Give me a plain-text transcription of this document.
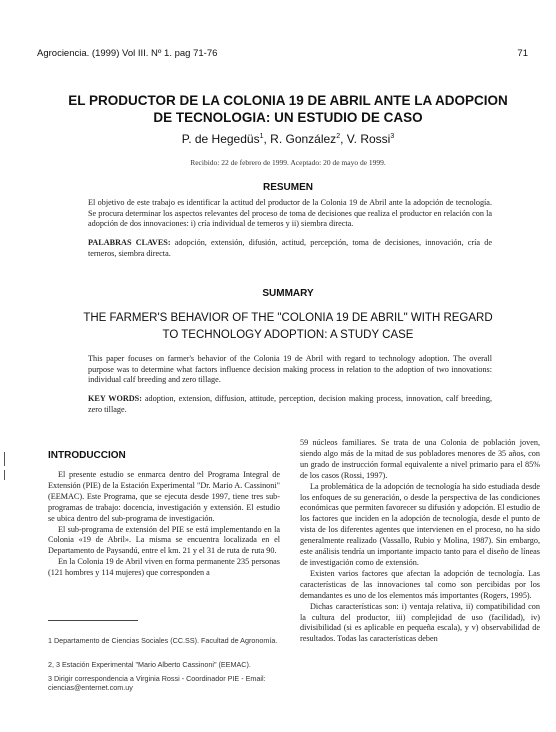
Agrociencia. (1999) Vol III. Nº 1. pag 71-76	71
EL PRODUCTOR DE LA COLONIA 19 DE ABRIL ANTE LA ADOPCION
DE TECNOLOGIA: UN ESTUDIO DE CASO
P. de Hegedüs$^1$, R. González$^2$, V. Rossi$^3$
Recibido: 22 de febrero de 1999. Aceptado: 20 de mayo de 1999.
RESUMEN
El objetivo de este trabajo es identificar la actitud del productor de la Colonia 19 de Abril ante la adopción de tecnología. Se procura determinar los aspectos relevantes del proceso de toma de decisiones que realiza el productor en relación con la adopción de dos innovaciones: i) cría individual de terneros y ii) siembra directa.
PALABRAS CLAVES: adopción, extensión, difusión, actitud, percepción, toma de decisiones, innovación, cría de terneros, siembra directa.
SUMMARY
THE FARMER'S BEHAVIOR OF THE "COLONIA 19 DE ABRIL" WITH REGARD
TO TECHNOLOGY ADOPTION: A STUDY CASE
This paper focuses on farmer's behavior of the Colonia 19 de Abril with regard to technology adoption. The overall purpose was to determine what factors influence decision making process in relation to the adoption of two innovations: individual calf breeding and zero tillage.
KEY WORDS: adoption, extension, diffusion, attitude, perception, decision making process, innovation, calf breeding, zero tillage.
INTRODUCCION

El presente estudio se enmarca dentro del Programa Integral de Extensión (PIE) de la Estación Experimental "Dr. Mario A. Cassinoni" (EEMAC). Este Programa, que se ejecuta desde 1997, tiene tres sub-programas de trabajo: docencia, investigación y extensión. El estudio se ubica dentro del sub-programa de investigación.

El sub-programa de extensión del PIE se está implementando en la Colonia «19 de Abril». La misma se encuentra localizada en el Departamento de Paysandú, entre el km. 21 y el 31 de ruta de ruta 90.

En la Colonia 19 de Abril viven en forma permanente 235 personas (121 hombres y 114 mujeres) que corresponden a

59 núcleos familiares. Se trata de una Colonia de población joven, siendo algo más de la mitad de sus pobladores menores de 35 años, con un grado de instrucción formal equivalente a nivel primario para el 85% de los casos (Rossi, 1997).

La problemática de la adopción de tecnología ha sido estudiada desde los enfoques de su generación, o desde la perspectiva de las condiciones económicas que permiten favorecer su difusión y adopción. El estudio de los factores que inciden en la adopción de tecnología, desde el punto de vista de los diferentes agentes que intervienen en el proceso, no ha sido generalmente realizado (Vassallo, Rubio y Molina, 1987). Sin embargo, este análisis tendría un importante impacto tanto para el diseño de líneas de investigación como de extensión.

Existen varios factores que afectan la adopción de tecnología. Las características de las innovaciones tal como son percibidas por los demandantes es uno de los elementos más importantes (Rogers, 1995).

Dichas características son: i) ventaja relativa, ii) compatibilidad con la cultura del productor, iii) complejidad de uso (facilidad), iv) divisibilidad (si es aplicable en pequeña escala), y v) observabilidad de resultados. Todas las características deben

1 Departamento de Ciencias Sociales (CC.SS). Facultad de Agronomía.
2, 3 Estación Experimental "Mario Alberto Cassinoni" (EEMAC).
3 Dirigir correspondencia a Virginia Rossi - Coordinador PIE - Email: ciencias@enternet.com.uy
